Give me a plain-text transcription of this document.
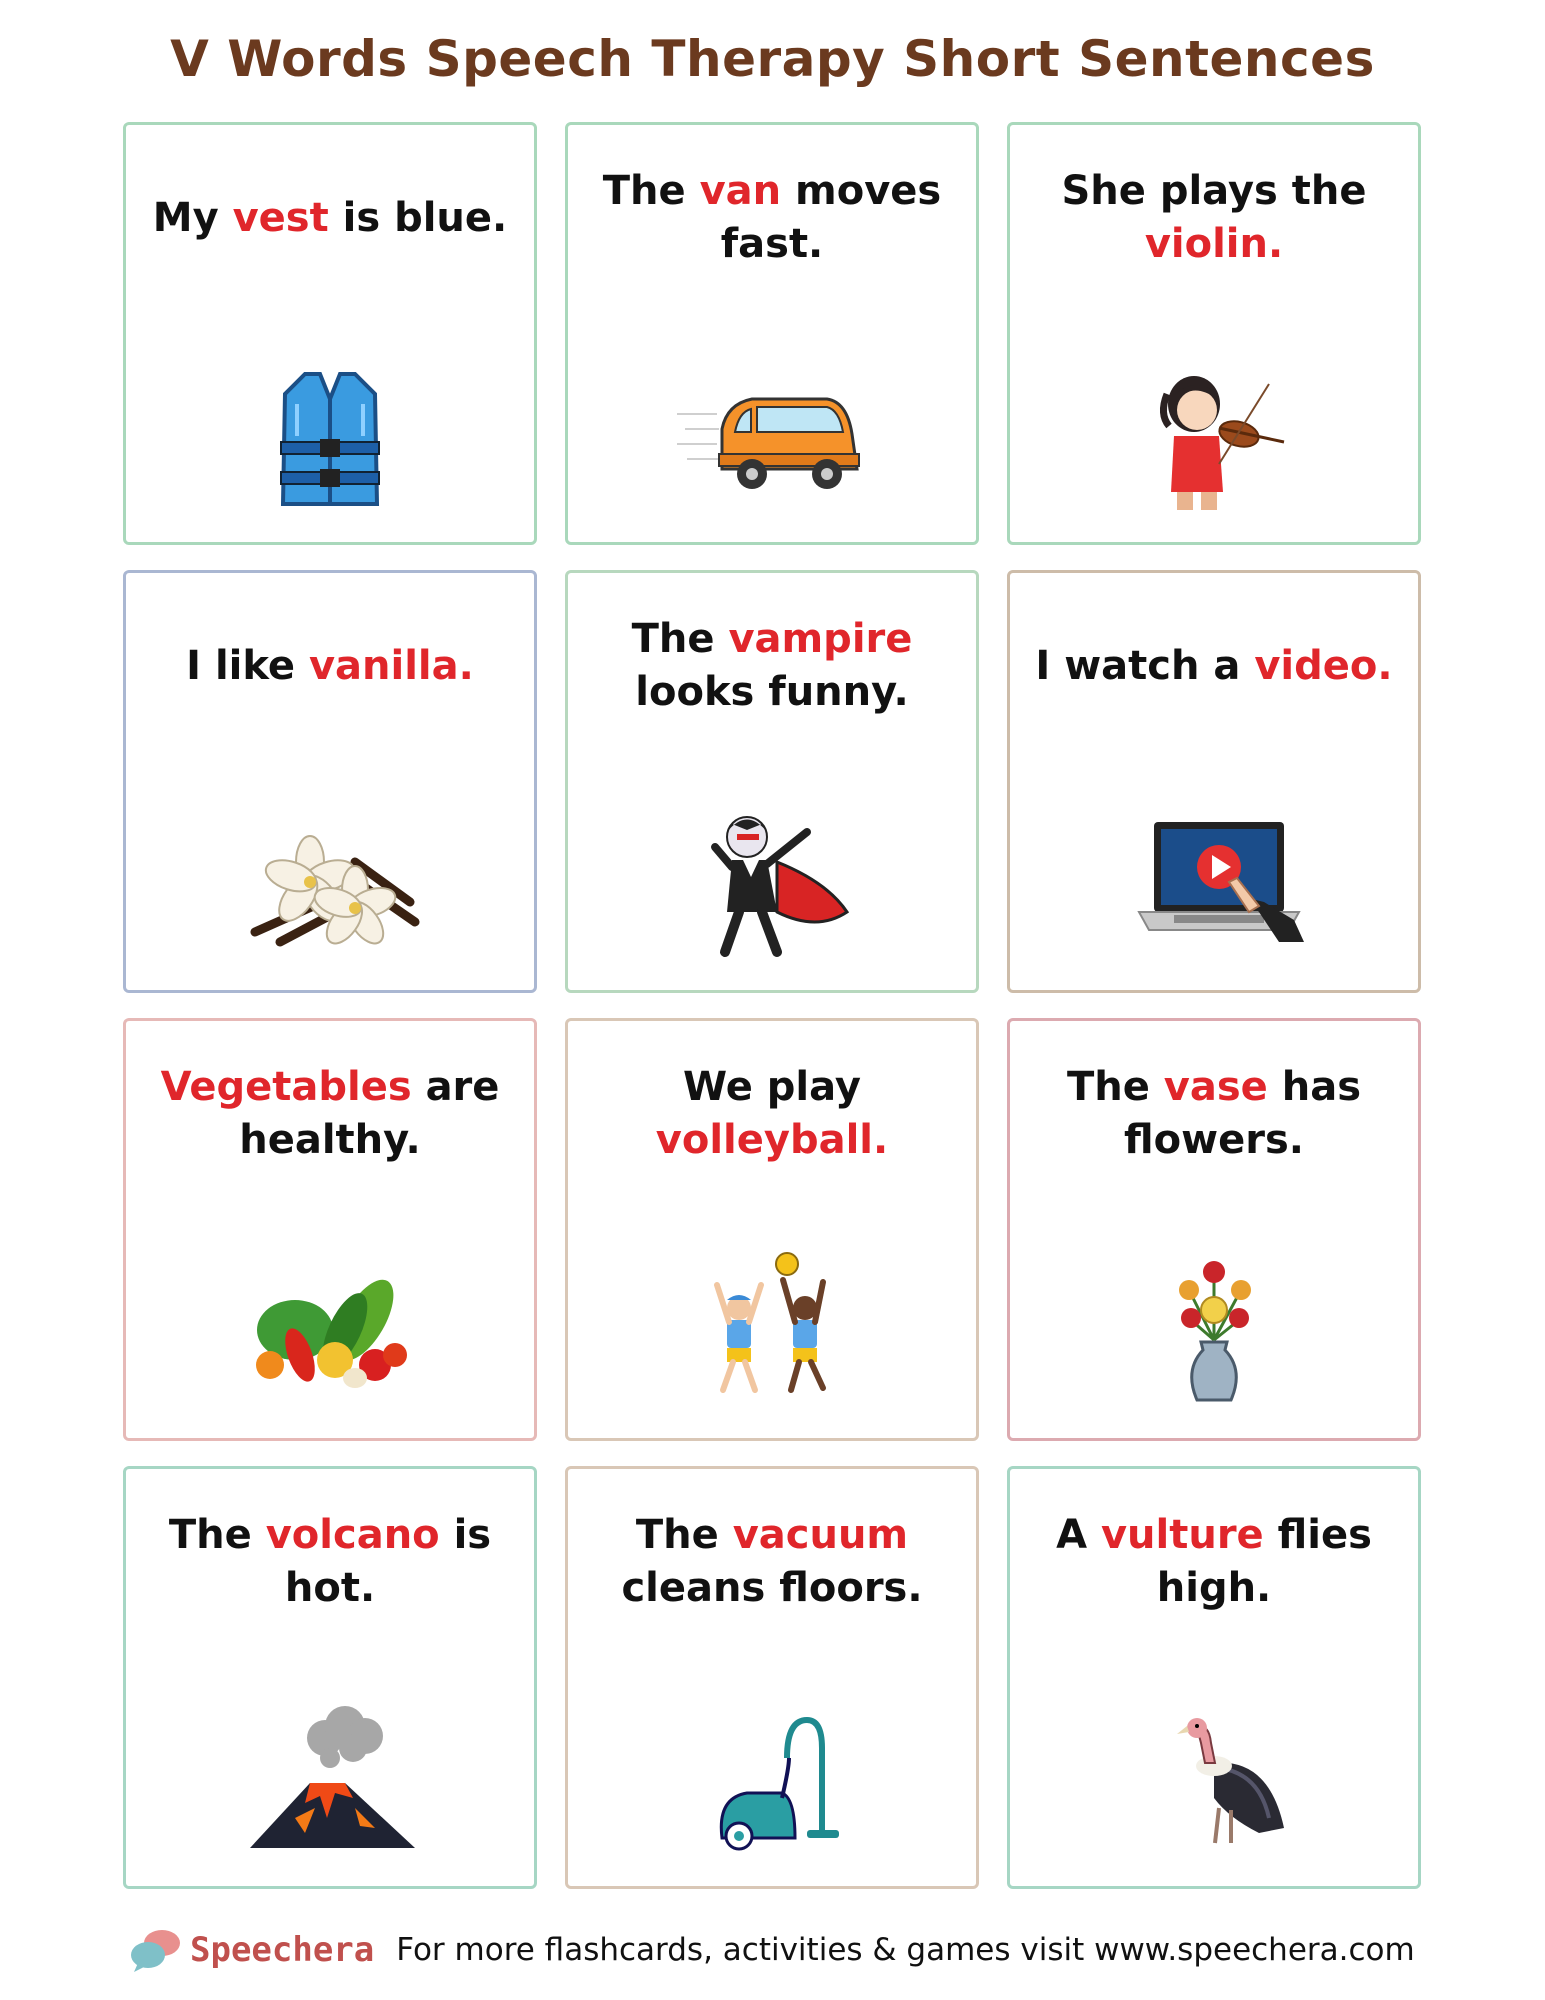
V Words Speech Therapy Short Sentences
My vest is blue.
The van moves fast.
She plays the violin.
I like vanilla.
The vampire looks funny.
I watch a video.
Vegetables are healthy.
We play volleyball.
The vase has flowers.
The volcano is hot.
The vacuum cleans floors.
A vulture flies high.
Speechera For more flashcards, activities & games visit www.speechera.com
